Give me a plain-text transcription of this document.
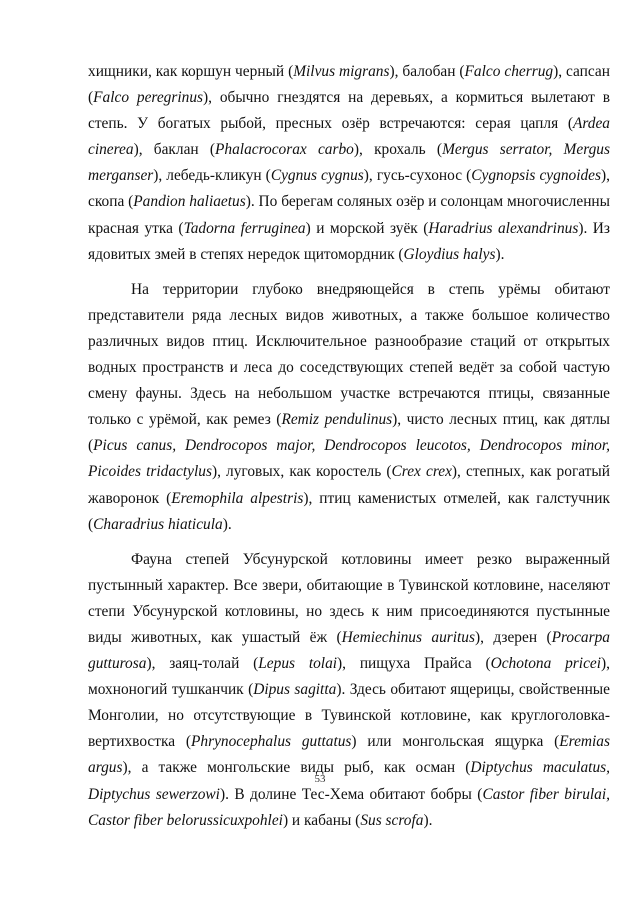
хищники, как коршун черный (Milvus migrans), балобан (Falco cherrug), сапсан (Falco peregrinus), обычно гнездятся на деревьях, а кормиться вылетают в степь. У богатых рыбой, пресных озёр встречаются: серая цапля (Ardea cinerea), баклан (Phalacrocorax carbo), крохаль (Mergus serrator, Mergus merganser), лебедь-кликун (Cygnus cygnus), гусь-сухонос (Cygnopsis cygnoides), скопа (Pandion haliaetus). По берегам соляных озёр и солонцам многочисленны красная утка (Tadorna ferruginea) и морской зуёк (Haradrius alexandrinus). Из ядовитых змей в степях нередок щитомордник (Gloydius halys).

На территории глубоко внедряющейся в степь урёмы обитают представители ряда лесных видов животных, а также большое количество различных видов птиц. Исключительное разнообразие стаций от открытых водных пространств и леса до соседствующих степей ведёт за собой частую смену фауны. Здесь на небольшом участке встречаются птицы, связанные только с урёмой, как ремез (Remiz pendulinus), чисто лесных птиц, как дятлы (Picus canus, Dendrocopos major, Dendrocopos leucotos, Dendrocopos minor, Picoides tridactylus), луговых, как коростель (Crex crex), степных, как рогатый жаворонок (Eremophila alpestris), птиц каменистых отмелей, как галстучник (Charadrius hiaticula).

Фауна степей Убсунурской котловины имеет резко выраженный пустынный характер. Все звери, обитающие в Тувинской котловине, населяют степи Убсунурской котловины, но здесь к ним присоединяются пустынные виды животных, как ушастый ёж (Hemiechinus auritus), дзерен (Procarpa gutturosa), заяц-толай (Lepus tolai), пищуха Прайса (Ochotona pricei), мохноногий тушканчик (Dipus sagitta). Здесь обитают ящерицы, свойственные Монголии, но отсутствующие в Тувинской котловине, как круглоголовка-вертихвостка (Phrynocephalus guttatus) или монгольская ящурка (Eremias argus), а также монгольские виды рыб, как осман (Diptychus maculatus, Diptychus sewerzowi). В долине Тес-Хема обитают бобры (Castor fiber birulai, Castor fiber belorussicuxpohlei) и кабаны (Sus scrofa).

53
